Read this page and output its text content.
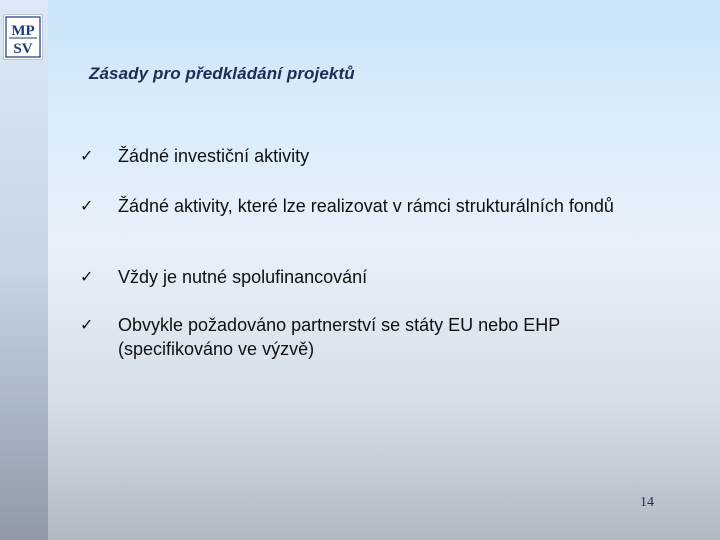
MP
SV
Zásady pro předkládání projektů
✓	Žádné investiční aktivity
✓	Žádné aktivity, které lze realizovat v rámci strukturálních fondů
✓	Vždy je nutné spolufinancování
✓	Obvykle požadováno partnerství se státy EU nebo EHP (specifikováno ve výzvě)
14
